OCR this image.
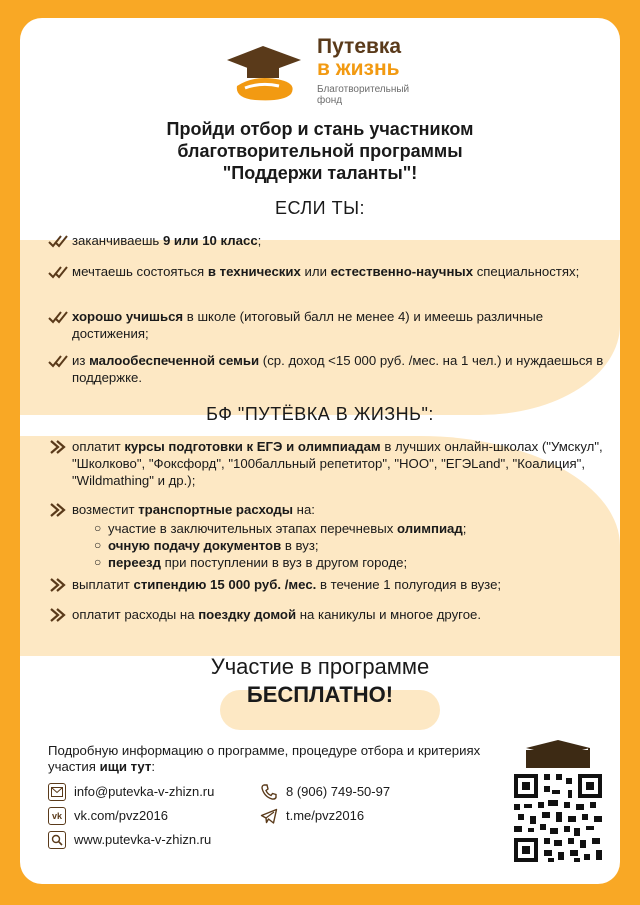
Путевка
в жизнь
Благотворительный фонд
Пройди отбор и стань участником
благотворительной программы
"Поддержи таланты"!
ЕСЛИ ТЫ:
заканчиваешь 9 или 10 класс;
мечтаешь состояться в технических или естественно-научных специальностях;
хорошо учишься в школе (итоговый балл не менее 4) и имеешь различные достижения;
из малообеспеченной семьи (ср. доход <15 000 руб. /мес. на 1 чел.) и нуждаешься в поддержке.
БФ "ПУТЁВКА В ЖИЗНЬ":
оплатит курсы подготовки к ЕГЭ и олимпиадам в лучших онлайн-школах ("Умскул", "Школково", "Фоксфорд", "100балльный репетитор", "НОО", "ЕГЭLand", "Коалиция", "Wildmathing" и др.);
возместит транспортные расходы на:
○ участие в заключительных этапах перечневых олимпиад;
○ очную подачу документов в вуз;
○ переезд при поступлении в вуз в другом городе;
выплатит стипендию 15 000 руб. /мес. в течение 1 полугодия в вузе;
оплатит расходы на поездку домой на каникулы и многое другое.
Участие в программе
БЕСПЛАТНО!
Подробную информацию о программе, процедуре отбора и критериях участия ищи тут:
info@putevka-v-zhizn.ru	8 (906) 749-50-97
vk vk.com/pvz2016	t.me/pvz2016
www.putevka-v-zhizn.ru
